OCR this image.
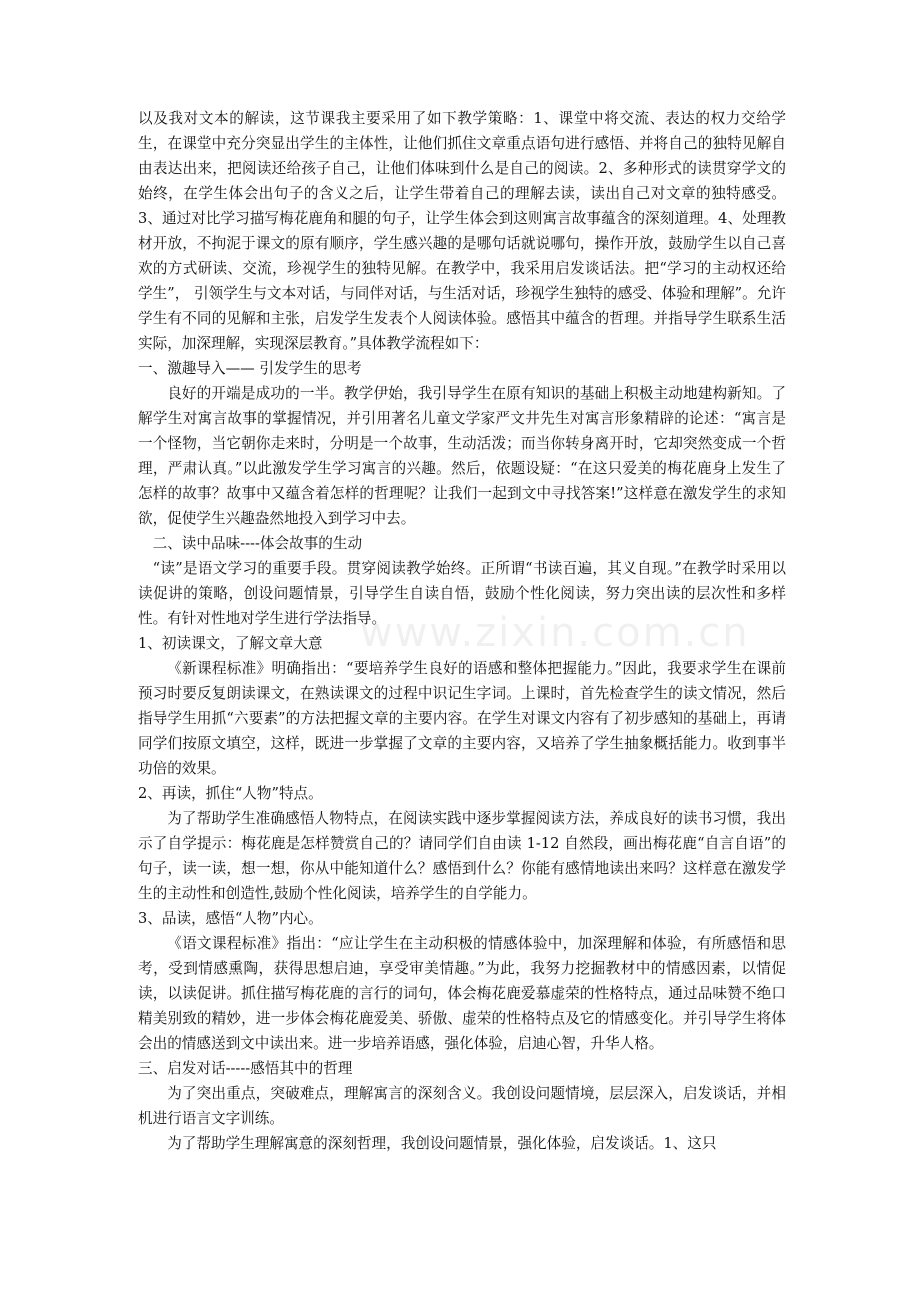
www.zixin.com.cn

以及我对文本的解读，这节课我主要采用了如下教学策略：1、课堂中将交流、表达的权力交给学生，在课堂中充分突显出学生的主体性，让他们抓住文章重点语句进行感悟、并将自己的独特见解自由表达出来，把阅读还给孩子自己，让他们体味到什么是自己的阅读。2、多种形式的读贯穿学文的始终，在学生体会出句子的含义之后，让学生带着自己的理解去读，读出自己对文章的独特感受。3、通过对比学习描写梅花鹿角和腿的句子，让学生体会到这则寓言故事蕴含的深刻道理。4、处理教材开放，不拘泥于课文的原有顺序，学生感兴趣的是哪句话就说哪句，操作开放，鼓励学生以自己喜欢的方式研读、交流，珍视学生的独特见解。在教学中，我采用启发谈话法。把“学习的主动权还给学生”， 引领学生与文本对话，与同伴对话，与生活对话，珍视学生独特的感受、体验和理解”。允许学生有不同的见解和主张，启发学生发表个人阅读体验。感悟其中蕴含的哲理。并指导学生联系生活实际，加深理解，实现深层教育。”具体教学流程如下：

一、激趣导入—— 引发学生的思考

良好的开端是成功的一半。教学伊始，我引导学生在原有知识的基础上积极主动地建构新知。了解学生对寓言故事的掌握情况，并引用著名儿童文学家严文井先生对寓言形象精辟的论述：“寓言是一个怪物，当它朝你走来时，分明是一个故事，生动活泼；而当你转身离开时，它却突然变成一个哲理，严肃认真。”以此激发学生学习寓言的兴趣。然后，依题设疑：“在这只爱美的梅花鹿身上发生了怎样的故事？故事中又蕴含着怎样的哲理呢？让我们一起到文中寻找答案!”这样意在激发学生的求知欲，促使学生兴趣盎然地投入到学习中去。

二、读中品味----体会故事的生动

“读”是语文学习的重要手段。贯穿阅读教学始终。正所谓“书读百遍，其义自现。”在教学时采用以读促讲的策略，创设问题情景，引导学生自读自悟，鼓励个性化阅读，努力突出读的层次性和多样性。有针对性地对学生进行学法指导。

1、初读课文，了解文章大意

《新课程标准》明确指出：“要培养学生良好的语感和整体把握能力。”因此，我要求学生在课前预习时要反复朗读课文，在熟读课文的过程中识记生字词。上课时，首先检查学生的读文情况，然后指导学生用抓“六要素”的方法把握文章的主要内容。在学生对课文内容有了初步感知的基础上，再请同学们按原文填空，这样，既进一步掌握了文章的主要内容，又培养了学生抽象概括能力。收到事半功倍的效果。

2、再读，抓住“人物”特点。

为了帮助学生准确感悟人物特点，在阅读实践中逐步掌握阅读方法，养成良好的读书习惯，我出示了自学提示：梅花鹿是怎样赞赏自己的？请同学们自由读 1-12 自然段，画出梅花鹿“自言自语”的句子，读一读，想一想，你从中能知道什么？感悟到什么？你能有感情地读出来吗？这样意在激发学生的主动性和创造性,鼓励个性化阅读，培养学生的自学能力。

3、品读，感悟“人物”内心。

《语文课程标准》指出：“应让学生在主动积极的情感体验中，加深理解和体验，有所感悟和思考，受到情感熏陶，获得思想启迪，享受审美情趣。”为此，我努力挖掘教材中的情感因素，以情促读，以读促讲。抓住描写梅花鹿的言行的词句，体会梅花鹿爱慕虚荣的性格特点，通过品味赞不绝口精美别致的精妙，进一步体会梅花鹿爱美、骄傲、虚荣的性格特点及它的情感变化。并引导学生将体会出的情感送到文中读出来。进一步培养语感，强化体验，启迪心智，升华人格。

三、启发对话-----感悟其中的哲理

为了突出重点，突破难点，理解寓言的深刻含义。我创设问题情境，层层深入，启发谈话，并相机进行语言文字训练。

为了帮助学生理解寓意的深刻哲理，我创设问题情景，强化体验，启发谈话。1、这只
